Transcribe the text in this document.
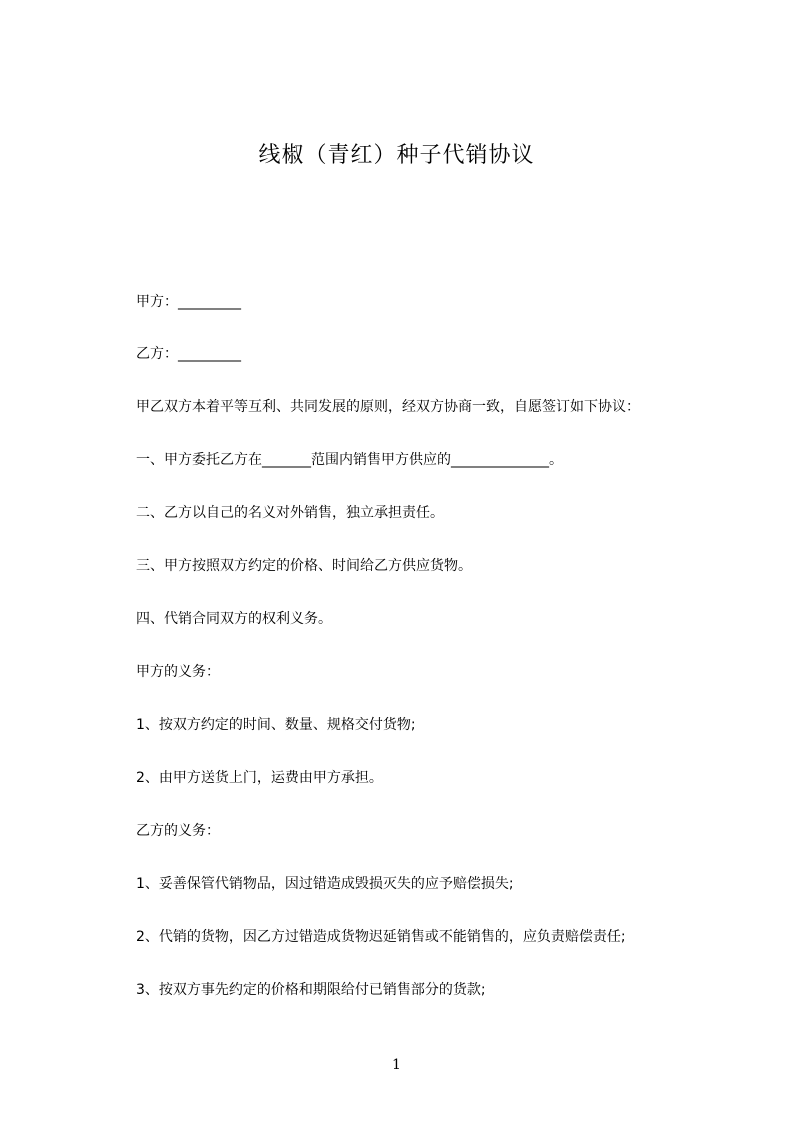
线椒（青红）种子代销协议
甲方：_________
乙方：_________
甲乙双方本着平等互利、共同发展的原则，经双方协商一致，自愿签订如下协议：
一、甲方委托乙方在_______范围内销售甲方供应的______________。
二、乙方以自己的名义对外销售，独立承担责任。
三、甲方按照双方约定的价格、时间给乙方供应货物。
四、代销合同双方的权利义务。
甲方的义务：
1、按双方约定的时间、数量、规格交付货物;
2、由甲方送货上门，运费由甲方承担。
乙方的义务：
1、妥善保管代销物品，因过错造成毁损灭失的应予赔偿损失;
2、代销的货物，因乙方过错造成货物迟延销售或不能销售的，应负责赔偿责任;
3、按双方事先约定的价格和期限给付已销售部分的货款;
1
